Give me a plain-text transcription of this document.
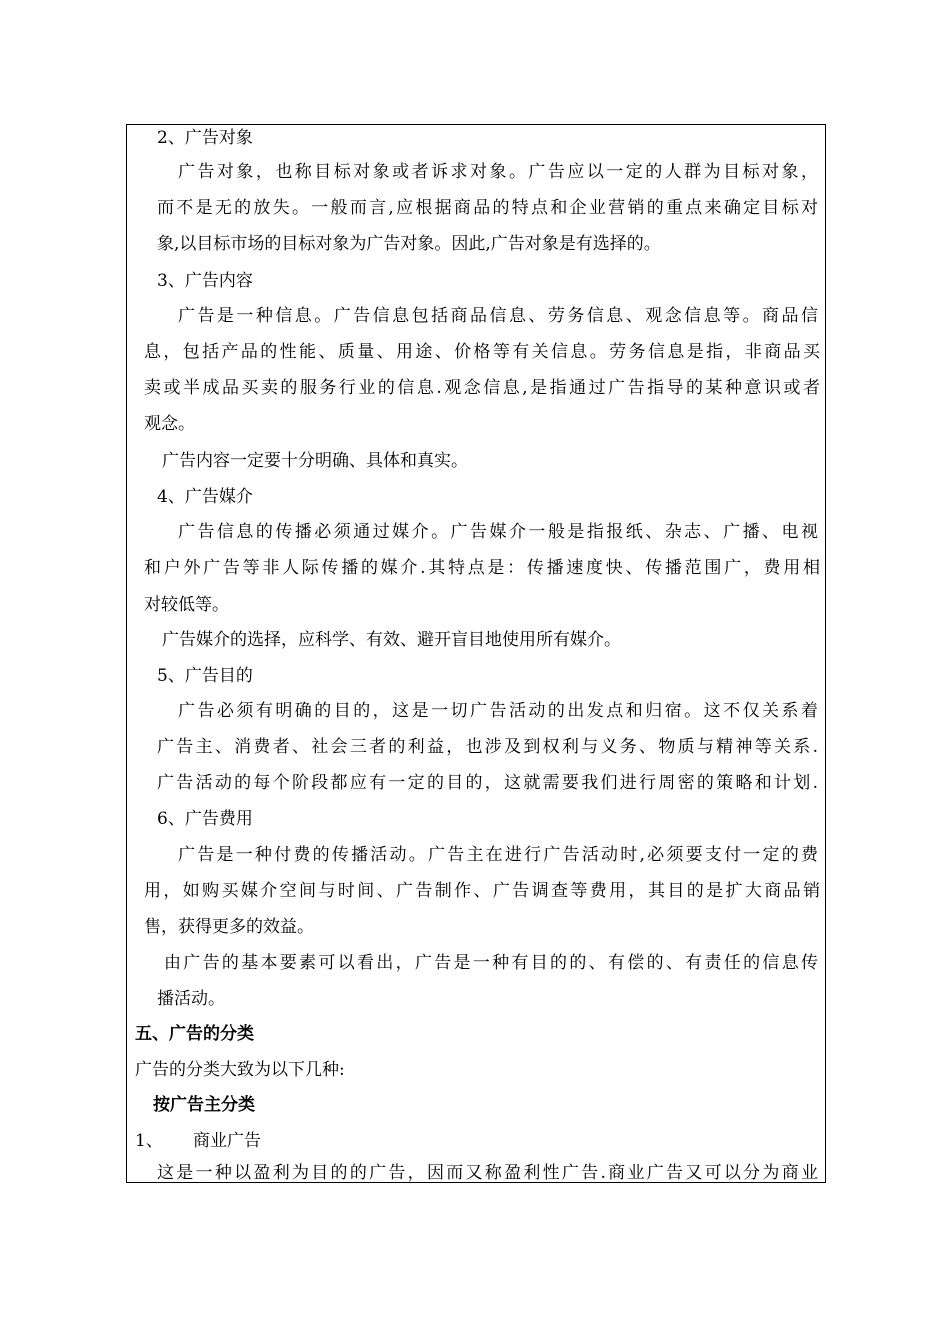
2、广告对象
广告对象，也称目标对象或者诉求对象。广告应以一定的人群为目标对象，
而不是无的放失。一般而言,应根据商品的特点和企业营销的重点来确定目标对
象,以目标市场的目标对象为广告对象。因此,广告对象是有选择的。
3、广告内容
广告是一种信息。广告信息包括商品信息、劳务信息、观念信息等。商品信
息，包括产品的性能、质量、用途、价格等有关信息。劳务信息是指，非商品买
卖或半成品买卖的服务行业的信息.观念信息,是指通过广告指导的某种意识或者
观念。
广告内容一定要十分明确、具体和真实。
4、广告媒介
广告信息的传播必须通过媒介。广告媒介一般是指报纸、杂志、广播、电视
和户外广告等非人际传播的媒介.其特点是：传播速度快、传播范围广，费用相
对较低等。
广告媒介的选择，应科学、有效、避开盲目地使用所有媒介。
5、广告目的
广告必须有明确的目的，这是一切广告活动的出发点和归宿。这不仅关系着
广告主、消费者、社会三者的利益，也涉及到权利与义务、物质与精神等关系.
广告活动的每个阶段都应有一定的目的，这就需要我们进行周密的策略和计划.
6、广告费用
广告是一种付费的传播活动。广告主在进行广告活动时,必须要支付一定的费
用，如购买媒介空间与时间、广告制作、广告调查等费用，其目的是扩大商品销
售，获得更多的效益。
由广告的基本要素可以看出，广告是一种有目的的、有偿的、有责任的信息传
播活动。
五、广告的分类
广告的分类大致为以下几种:
按广告主分类
1、 商业广告
这是一种以盈利为目的的广告，因而又称盈利性广告.商业广告又可以分为商业
